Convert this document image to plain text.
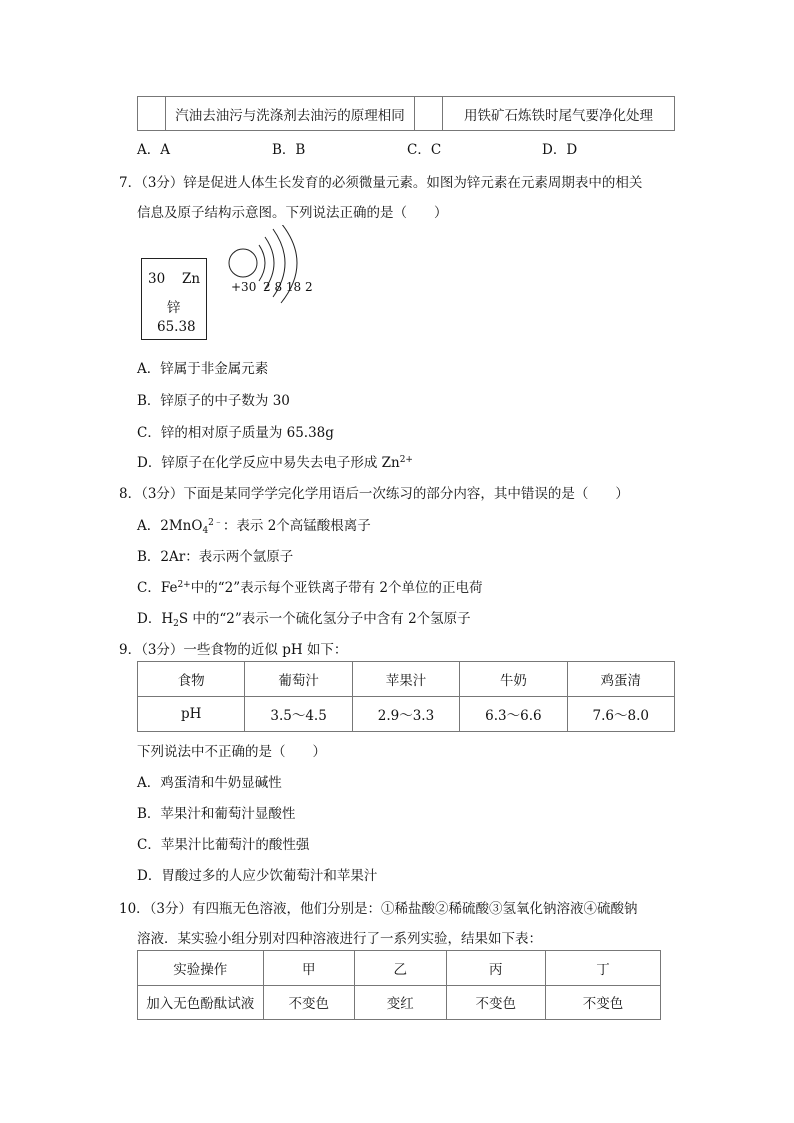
	汽油去油污与洗涤剂去油污的原理相同		用铁矿石炼铁时尾气要净化处理
A．A	B．B	C．C	D．D
7．（3分）锌是促进人体生长发育的必须微量元素。如图为锌元素在元素周期表中的相关
信息及原子结构示意图。下列说法正确的是（　　）
30 Zn
锌
65.38
+30 2 8 18 2
A．锌属于非金属元素
B．锌原子的中子数为 30
C．锌的相对原子质量为 65.38g
D．锌原子在化学反应中易失去电子形成 $Zn^{2+}$
8．（3分）下面是某同学学完化学用语后一次练习的部分内容，其中错误的是（　　）
A．2MnO$_4^{2﹣}$：表示 2个高锰酸根离子
B．2Ar：表示两个氩原子
C．$Fe^{2+}$中的“2”表示每个亚铁离子带有 2个单位的正电荷
D．$H_2S$ 中的“2”表示一个硫化氢分子中含有 2个氢原子
9．（3分）一些食物的近似 pH 如下：
食物	葡萄汁	苹果汁	牛奶	鸡蛋清
pH	3.5～4.5	2.9～3.3	6.3～6.6	7.6～8.0
下列说法中不正确的是（　　）
A．鸡蛋清和牛奶显碱性
B．苹果汁和葡萄汁显酸性
C．苹果汁比葡萄汁的酸性强
D．胃酸过多的人应少饮葡萄汁和苹果汁
10．（3分）有四瓶无色溶液，他们分别是：①稀盐酸②稀硫酸③氢氧化钠溶液④硫酸钠
溶液．某实验小组分别对四种溶液进行了一系列实验，结果如下表：
实验操作	甲	乙	丙	丁
加入无色酚酞试液	不变色	变红	不变色	不变色
